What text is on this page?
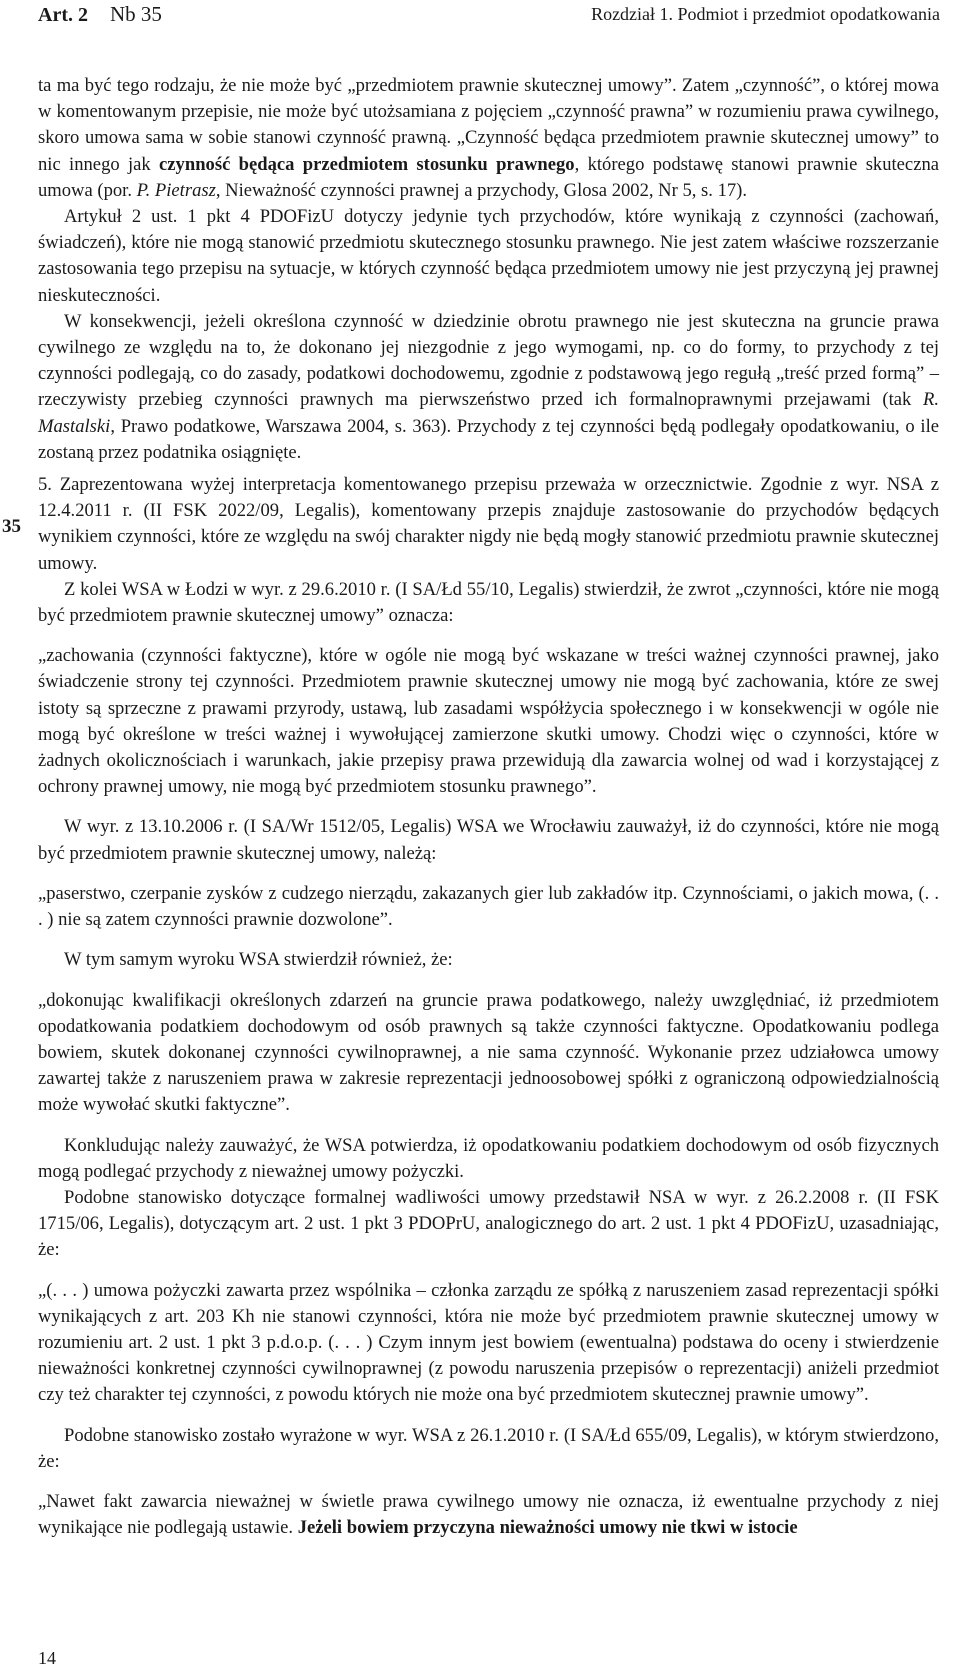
Art. 2 Nb 35	Rozdział 1. Podmiot i przedmiot opodatkowania
35

ta ma być tego rodzaju, że nie może być „przedmiotem prawnie skutecznej umowy”. Zatem „czynność”, o której mowa w komentowanym przepisie, nie może być utożsamiana z pojęciem „czynność prawna” w rozumieniu prawa cywilnego, skoro umowa sama w sobie stanowi czynność prawną. „Czynność będąca przedmiotem prawnie skutecznej umowy” to nic innego jak czynność będąca przedmiotem stosunku prawnego, którego podstawę stanowi prawnie skuteczna umowa (por. P. Pietrasz, Nieważność czynności prawnej a przychody, Glosa 2002, Nr 5, s. 17).

Artykuł 2 ust. 1 pkt 4 PDOFizU dotyczy jedynie tych przychodów, które wynikają z czynności (zachowań, świadczeń), które nie mogą stanowić przedmiotu skutecznego stosunku prawnego. Nie jest zatem właściwe rozszerzanie zastosowania tego przepisu na sytuacje, w których czynność będąca przedmiotem umowy nie jest przyczyną jej prawnej nieskuteczności.

W konsekwencji, jeżeli określona czynność w dziedzinie obrotu prawnego nie jest skuteczna na gruncie prawa cywilnego ze względu na to, że dokonano jej niezgodnie z jego wymogami, np. co do formy, to przychody z tej czynności podlegają, co do zasady, podatkowi dochodowemu, zgodnie z podstawową jego regułą „treść przed formą” – rzeczywisty przebieg czynności prawnych ma pierwszeństwo przed ich formalnoprawnymi przejawami (tak R. Mastalski, Prawo podatkowe, Warszawa 2004, s. 363). Przychody z tej czynności będą podlegały opodatkowaniu, o ile zostaną przez podatnika osiągnięte.

5. Zaprezentowana wyżej interpretacja komentowanego przepisu przeważa w orzecznictwie. Zgodnie z wyr. NSA z 12.4.2011 r. (II FSK 2022/09, Legalis), komentowany przepis znajduje zastosowanie do przychodów będących wynikiem czynności, które ze względu na swój charakter nigdy nie będą mogły stanowić przedmiotu prawnie skutecznej umowy.

Z kolei WSA w Łodzi w wyr. z 29.6.2010 r. (I SA/Łd 55/10, Legalis) stwierdził, że zwrot „czynności, które nie mogą być przedmiotem prawnie skutecznej umowy” oznacza:

„zachowania (czynności faktyczne), które w ogóle nie mogą być wskazane w treści ważnej czynności prawnej, jako świadczenie strony tej czynności. Przedmiotem prawnie skutecznej umowy nie mogą być zachowania, które ze swej istoty są sprzeczne z prawami przyrody, ustawą, lub zasadami współżycia społecznego i w konsekwencji w ogóle nie mogą być określone w treści ważnej i wywołującej zamierzone skutki umowy. Chodzi więc o czynności, które w żadnych okolicznościach i warunkach, jakie przepisy prawa przewidują dla zawarcia wolnej od wad i korzystającej z ochrony prawnej umowy, nie mogą być przedmiotem stosunku prawnego”.

W wyr. z 13.10.2006 r. (I SA/Wr 1512/05, Legalis) WSA we Wrocławiu zauważył, iż do czynności, które nie mogą być przedmiotem prawnie skutecznej umowy, należą:

„paserstwo, czerpanie zysków z cudzego nierządu, zakazanych gier lub zakładów itp. Czynnościami, o jakich mowa, (. . . ) nie są zatem czynności prawnie dozwolone”.

W tym samym wyroku WSA stwierdził również, że:

„dokonując kwalifikacji określonych zdarzeń na gruncie prawa podatkowego, należy uwzględniać, iż przedmiotem opodatkowania podatkiem dochodowym od osób prawnych są także czynności faktyczne. Opodatkowaniu podlega bowiem, skutek dokonanej czynności cywilnoprawnej, a nie sama czynność. Wykonanie przez udziałowca umowy zawartej także z naruszeniem prawa w zakresie reprezentacji jednoosobowej spółki z ograniczoną odpowiedzialnością może wywołać skutki faktyczne”.

Konkludując należy zauważyć, że WSA potwierdza, iż opodatkowaniu podatkiem dochodowym od osób fizycznych mogą podlegać przychody z nieważnej umowy pożyczki.

Podobne stanowisko dotyczące formalnej wadliwości umowy przedstawił NSA w wyr. z 26.2.2008 r. (II FSK 1715/06, Legalis), dotyczącym art. 2 ust. 1 pkt 3 PDOPrU, analogicznego do art. 2 ust. 1 pkt 4 PDOFizU, uzasadniając, że:

„(. . . ) umowa pożyczki zawarta przez wspólnika – członka zarządu ze spółką z naruszeniem zasad reprezentacji spółki wynikających z art. 203 Kh nie stanowi czynności, która nie może być przedmiotem prawnie skutecznej umowy w rozumieniu art. 2 ust. 1 pkt 3 p.d.o.p. (. . . ) Czym innym jest bowiem (ewentualna) podstawa do oceny i stwierdzenie nieważności konkretnej czynności cywilnoprawnej (z powodu naruszenia przepisów o reprezentacji) aniżeli przedmiot czy też charakter tej czynności, z powodu których nie może ona być przedmiotem skutecznej prawnie umowy”.

Podobne stanowisko zostało wyrażone w wyr. WSA z 26.1.2010 r. (I SA/Łd 655/09, Legalis), w którym stwierdzono, że:

„Nawet fakt zawarcia nieważnej w świetle prawa cywilnego umowy nie oznacza, iż ewentualne przychody z niej wynikające nie podlegają ustawie. Jeżeli bowiem przyczyna nieważności umowy nie tkwi w istocie

14
